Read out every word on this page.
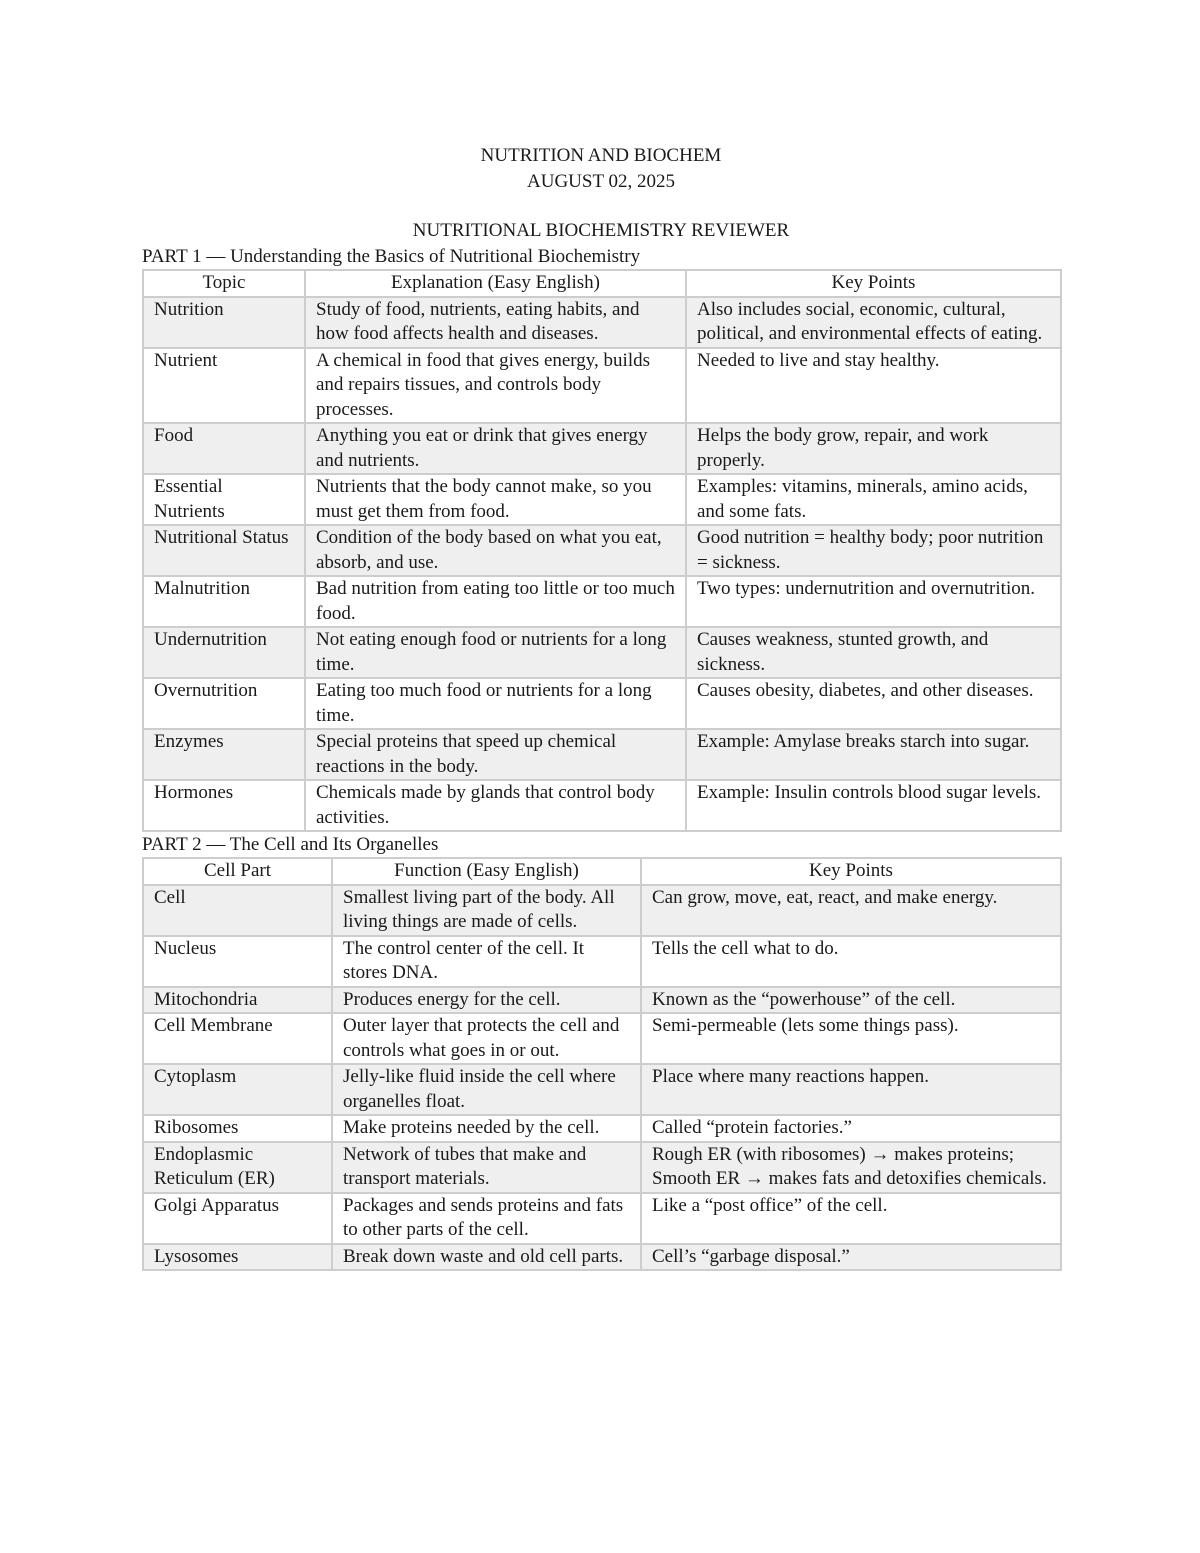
NUTRITION AND BIOCHEM
AUGUST 02, 2025
NUTRITIONAL BIOCHEMISTRY REVIEWER
PART 1 — Understanding the Basics of Nutritional Biochemistry
Topic	Explanation (Easy English)	Key Points
Nutrition	Study of food, nutrients, eating habits, and how food affects health and diseases.	Also includes social, economic, cultural, political, and environmental effects of eating.
Nutrient	A chemical in food that gives energy, builds and repairs tissues, and controls body processes.	Needed to live and stay healthy.
Food	Anything you eat or drink that gives energy and nutrients.	Helps the body grow, repair, and work properly.
Essential Nutrients	Nutrients that the body cannot make, so you must get them from food.	Examples: vitamins, minerals, amino acids, and some fats.
Nutritional Status	Condition of the body based on what you eat, absorb, and use.	Good nutrition = healthy body; poor nutrition = sickness.
Malnutrition	Bad nutrition from eating too little or too much food.	Two types: undernutrition and overnutrition.
Undernutrition	Not eating enough food or nutrients for a long time.	Causes weakness, stunted growth, and sickness.
Overnutrition	Eating too much food or nutrients for a long time.	Causes obesity, diabetes, and other diseases.
Enzymes	Special proteins that speed up chemical reactions in the body.	Example: Amylase breaks starch into sugar.
Hormones	Chemicals made by glands that control body activities.	Example: Insulin controls blood sugar levels.
PART 2 — The Cell and Its Organelles
Cell Part	Function (Easy English)	Key Points
Cell	Smallest living part of the body. All living things are made of cells.	Can grow, move, eat, react, and make energy.
Nucleus	The control center of the cell. It stores DNA.	Tells the cell what to do.
Mitochondria	Produces energy for the cell.	Known as the “powerhouse” of the cell.
Cell Membrane	Outer layer that protects the cell and controls what goes in or out.	Semi-permeable (lets some things pass).
Cytoplasm	Jelly-like fluid inside the cell where organelles float.	Place where many reactions happen.
Ribosomes	Make proteins needed by the cell.	Called “protein factories.”
Endoplasmic Reticulum (ER)	Network of tubes that make and transport materials.	Rough ER (with ribosomes) → makes proteins; Smooth ER → makes fats and detoxifies chemicals.
Golgi Apparatus	Packages and sends proteins and fats to other parts of the cell.	Like a “post office” of the cell.
Lysosomes	Break down waste and old cell parts.	Cell’s “garbage disposal.”
